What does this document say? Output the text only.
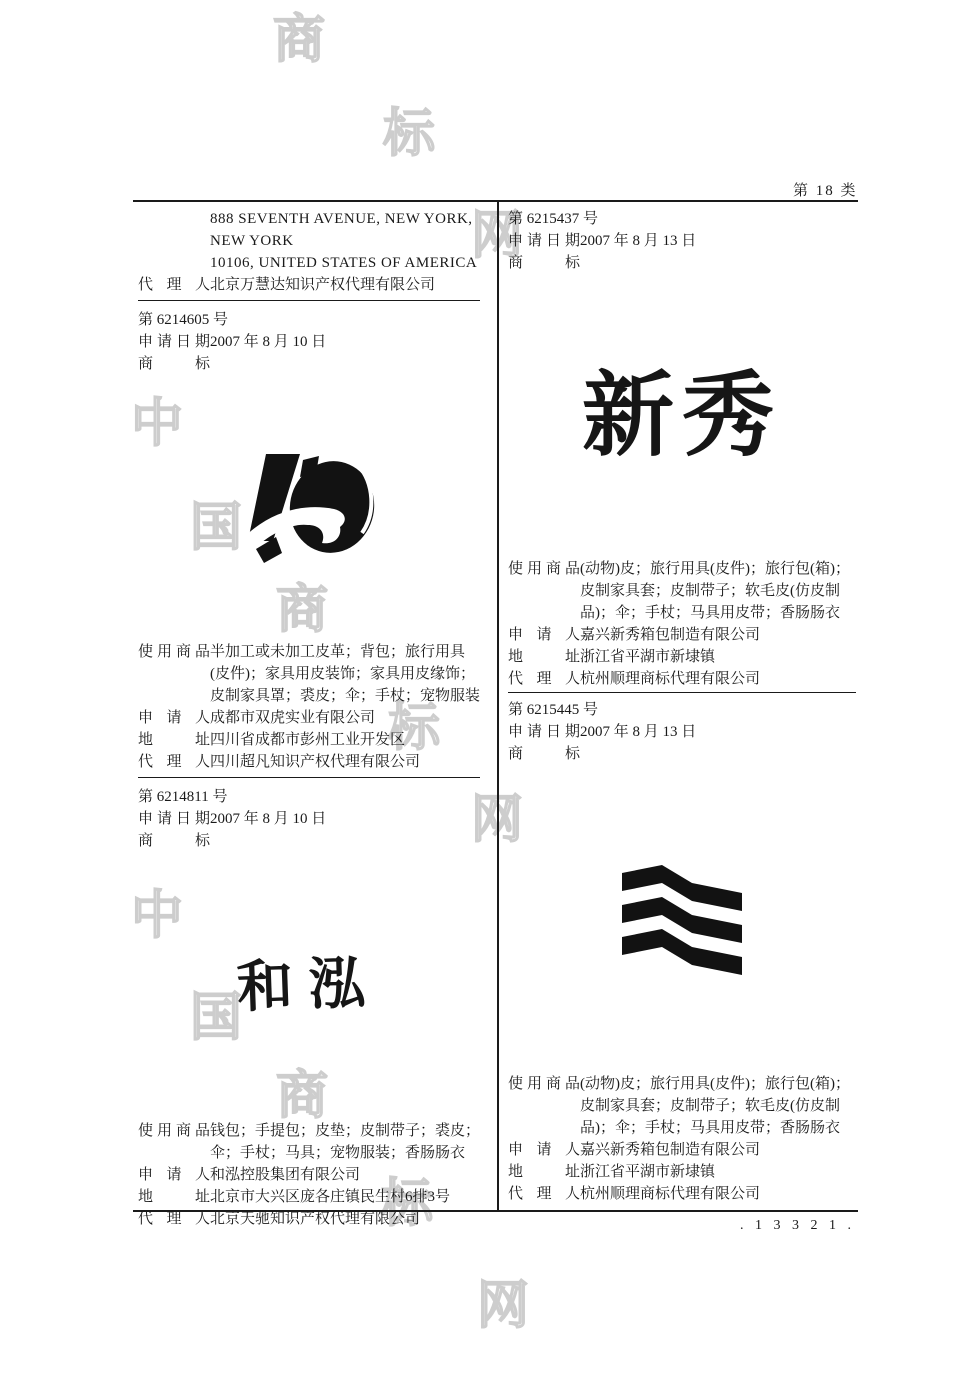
商
标
网
中
国
商
标
网
中
国
商
标
网
第 18 类
. 1 3 3 2 1 .
888 SEVENTH AVENUE, NEW YORK, NEW YORK
10106, UNITED STATES OF AMERICA
代理人 北京万慧达知识产权代理有限公司
第 6214605 号
申请日期 2007 年 8 月 10 日
商标
使用商品 半加工或未加工皮革；背包；旅行用具(皮件)；家具用皮装饰；家具用皮缘饰；皮制家具罩；裘皮；伞；手杖；宠物服装
申请人 成都市双虎实业有限公司
地址 四川省成都市彭州工业开发区
代理人 四川超凡知识产权代理有限公司
第 6214811 号
申请日期 2007 年 8 月 10 日
商标
和泓
使用商品 钱包；手提包；皮垫；皮制带子；裘皮；伞；手杖；马具；宠物服装；香肠肠衣
申请人 和泓控股集团有限公司
地址 北京市大兴区庞各庄镇民生村6排3号
代理人 北京天驰知识产权代理有限公司
第 6215437 号
申请日期 2007 年 8 月 13 日
商标
新秀
使用商品 (动物)皮；旅行用具(皮件)；旅行包(箱)；皮制家具套；皮制带子；软毛皮(仿皮制品)；伞；手杖；马具用皮带；香肠肠衣
申请人 嘉兴新秀箱包制造有限公司
地址 浙江省平湖市新埭镇
代理人 杭州顺理商标代理有限公司
第 6215445 号
申请日期 2007 年 8 月 13 日
商标
使用商品 (动物)皮；旅行用具(皮件)；旅行包(箱)；皮制家具套；皮制带子；软毛皮(仿皮制品)；伞；手杖；马具用皮带；香肠肠衣
申请人 嘉兴新秀箱包制造有限公司
地址 浙江省平湖市新埭镇
代理人 杭州顺理商标代理有限公司
